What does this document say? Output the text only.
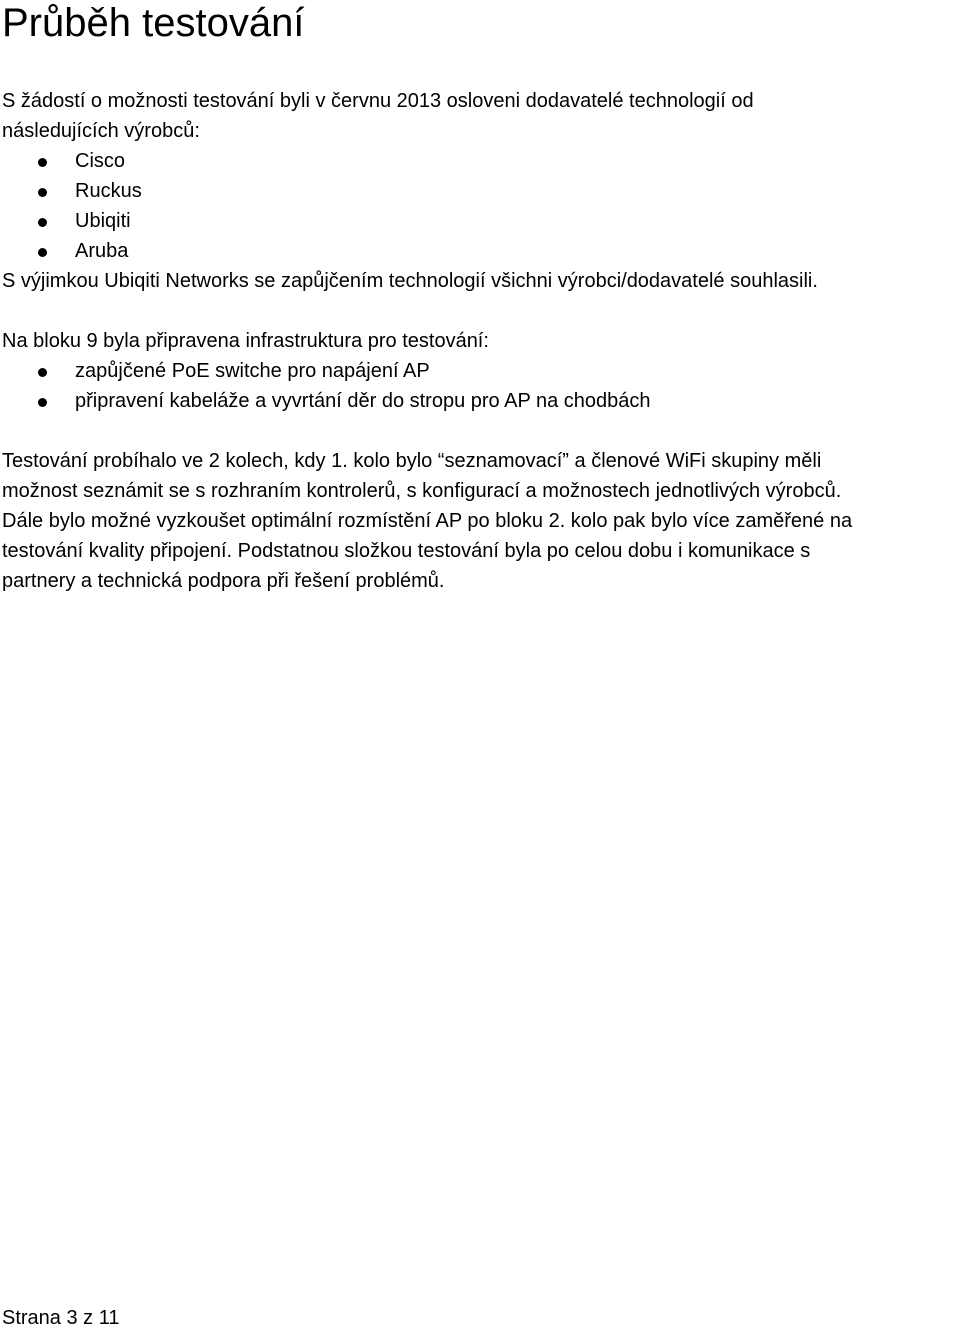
Průběh testování

S žádostí o možnosti testování byli v červnu 2013 osloveni dodavatelé technologií od

následujících výrobců:

Cisco
Ruckus
Ubiqiti
Aruba

S výjimkou Ubiqiti Networks se zapůjčením technologií všichni výrobci/dodavatelé souhlasili.

Na bloku 9 byla připravena infrastruktura pro testování:

zapůjčené PoE switche pro napájení AP
připravení kabeláže a vyvrtání děr do stropu pro AP na chodbách

Testování probíhalo ve 2 kolech, kdy 1. kolo bylo “seznamovací” a členové WiFi skupiny měli

možnost seznámit se s rozhraním kontrolerů, s konfigurací a možnostech jednotlivých výrobců.

Dále bylo možné vyzkoušet optimální rozmístění AP po bloku 2. kolo pak bylo více zaměřené na

testování kvality připojení. Podstatnou složkou testování byla po celou dobu i komunikace s

partnery a technická podpora při řešení problémů.

Strana 3 z 11
